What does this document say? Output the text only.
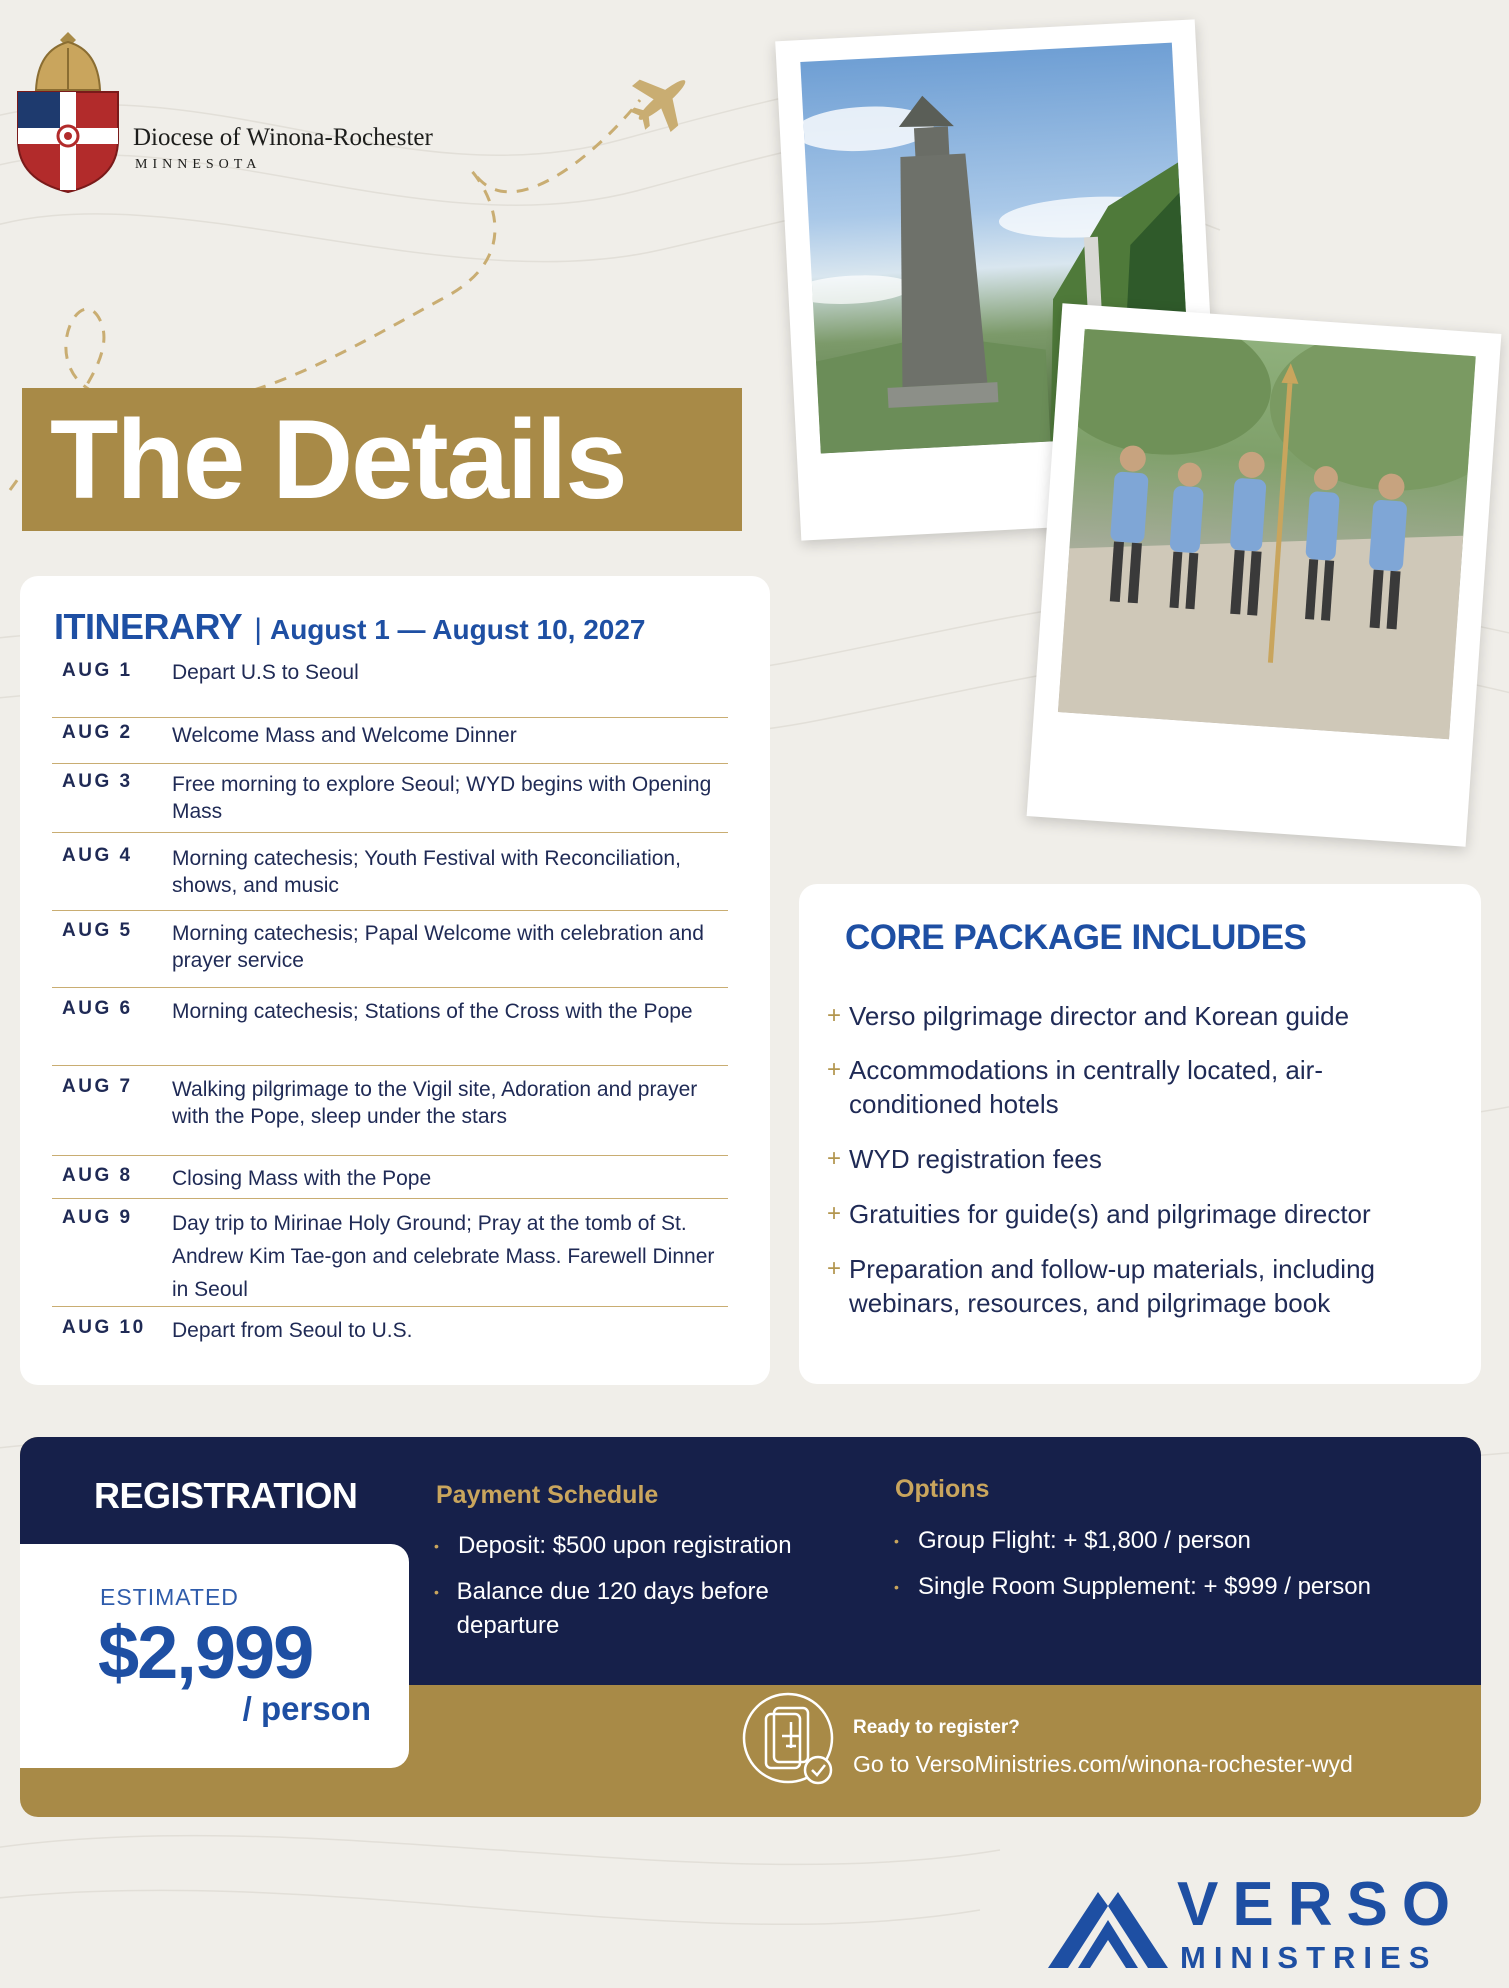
Diocese of Winona-Rochester
MINNESOTA
The Details
ITINERARY | August 1 — August 10, 2027
AUG 1 Depart U.S to Seoul
AUG 2 Welcome Mass and Welcome Dinner
AUG 3 Free morning to explore Seoul; WYD begins with Opening Mass
AUG 4 Morning catechesis; Youth Festival with Reconciliation, shows, and music
AUG 5 Morning catechesis; Papal Welcome with celebration and prayer service
AUG 6 Morning catechesis; Stations of the Cross with the Pope
AUG 7 Walking pilgrimage to the Vigil site, Adoration and prayer with the Pope, sleep under the stars
AUG 8 Closing Mass with the Pope
AUG 9 Day trip to Mirinae Holy Ground; Pray at the tomb of St. Andrew Kim Tae-gon and celebrate Mass. Farewell Dinner in Seoul
AUG 10 Depart from Seoul to U.S.
CORE PACKAGE INCLUDES
+ Verso pilgrimage director and Korean guide
+ Accommodations in centrally located, air-conditioned hotels
+ WYD registration fees
+ Gratuities for guide(s) and pilgrimage director
+ Preparation and follow-up materials, including webinars, resources, and pilgrimage book
REGISTRATION
ESTIMATED
$2,999
/ person
Payment Schedule
• Deposit: $500 upon registration
• Balance due 120 days before departure
Options
• Group Flight: + $1,800 / person
• Single Room Supplement: + $999 / person
Ready to register?
Go to VersoMinistries.com/winona-rochester-wyd
VERSO
MINISTRIES
